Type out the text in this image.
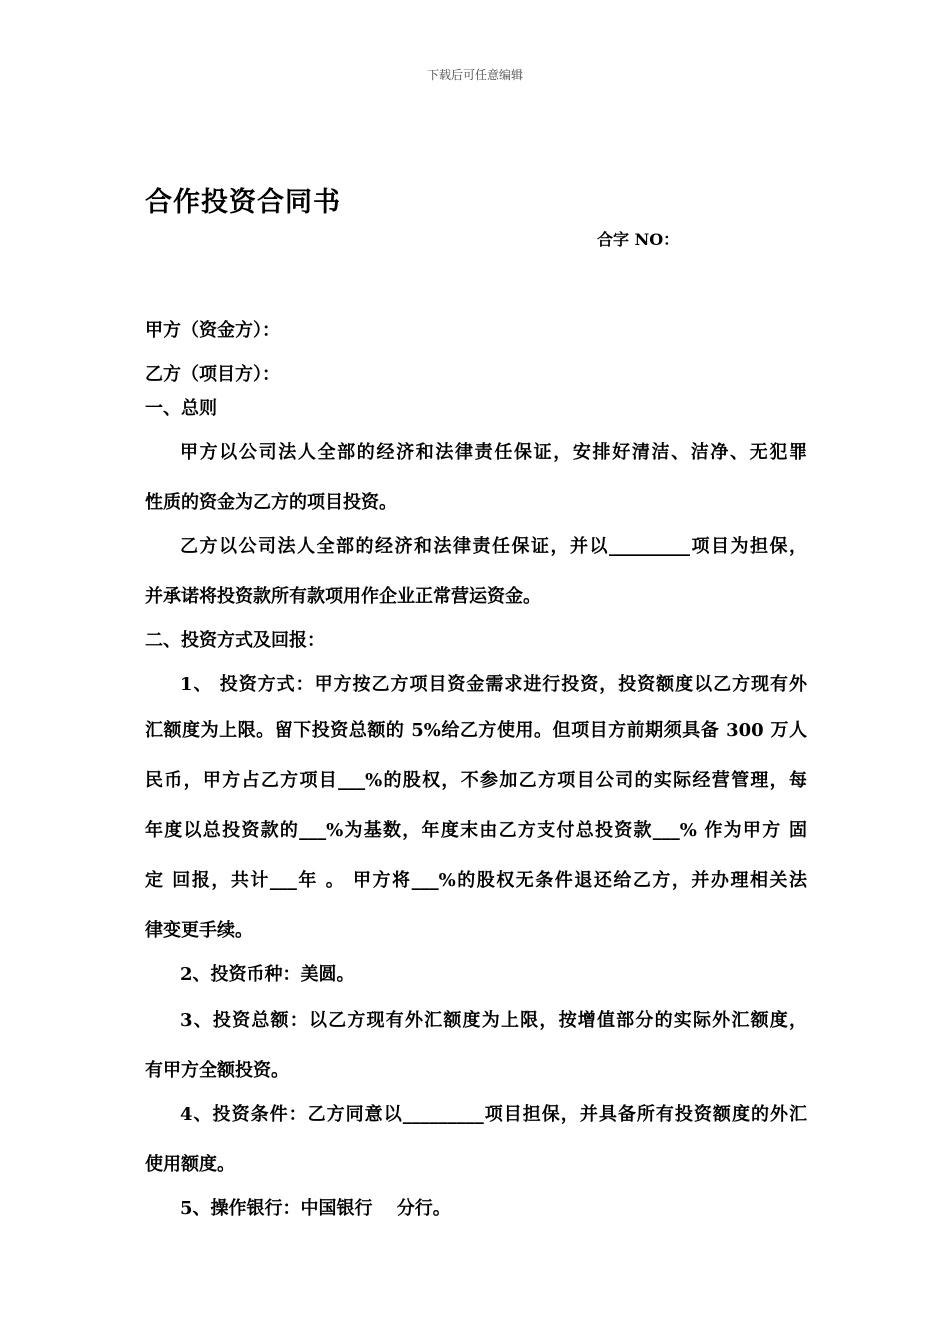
下载后可任意编辑
合作投资合同书
合字 NO：
甲方（资金方）：
乙方（项目方）：
一、总则
甲方以公司法人全部的经济和法律责任保证，安排好清洁、洁净、无犯罪
性质的资金为乙方的项目投资。
乙方以公司法人全部的经济和法律责任保证，并以_________项目为担保，
并承诺将投资款所有款项用作企业正常营运资金。
二、投资方式及回报：
1、 投资方式：甲方按乙方项目资金需求进行投资，投资额度以乙方现有外
汇额度为上限。留下投资总额的 5%给乙方使用。但项目方前期须具备 300 万人
民币，甲方占乙方项目___%的股权，不参加乙方项目公司的实际经营管理，每
年度以总投资款的___%为基数，年度末由乙方支付总投资款___% 作为甲方 固
定 回报，共计___年 。 甲方将___%的股权无条件退还给乙方，并办理相关法
律变更手续。
2、投资币种：美圆。
3、投资总额：以乙方现有外汇额度为上限，按增值部分的实际外汇额度，
有甲方全额投资。
4、投资条件：乙方同意以_________项目担保，并具备所有投资额度的外汇
使用额度。
5、操作银行：中国银行　 分行。
